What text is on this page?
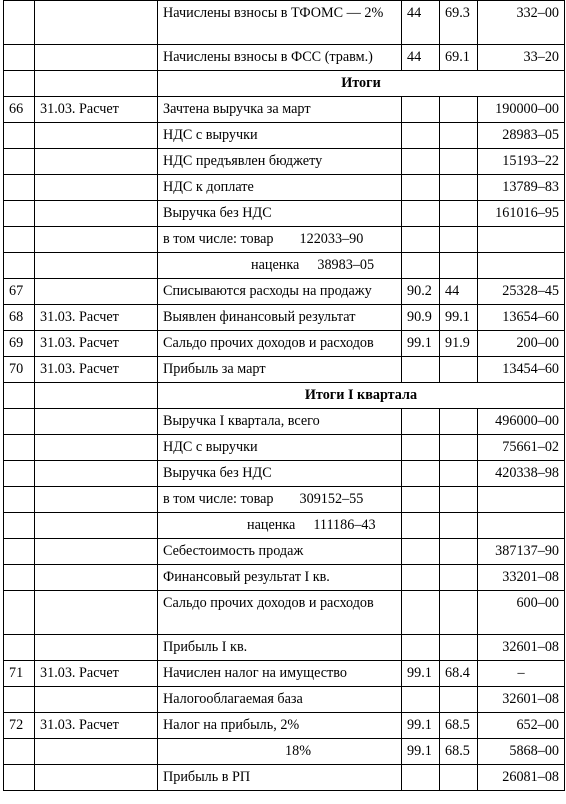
		Начислены взносы в ТФОМС — 2%	44	69.3	332–00
		Начислены взносы в ФСС (травм.)	44	69.1	33–20
		Итоги			
66	31.03. Расчет	Зачтена выручка за март			190000–00
		НДС с выручки			28983–05
		НДС предъявлен бюджету			15193–22
		НДС к доплате			13789–83
		Выручка без НДС			161016–95
		в том числе: товар 122033–90			
		наценка 38983–05			
67		Списываются расходы на продажу	90.2	44	25328–45
68	31.03. Расчет	Выявлен финансовый результат	90.9	99.1	13654–60
69	31.03. Расчет	Сальдо прочих доходов и расходов	99.1	91.9	200–00
70	31.03. Расчет	Прибыль за март			13454–60
		Итоги I квартала			
		Выручка I квартала, всего			496000–00
		НДС с выручки			75661–02
		Выручка без НДС			420338–98
		в том числе: товар 309152–55			
		наценка 111186–43			
		Себестоимость продаж			387137–90
		Финансовый результат I кв.			33201–08
		Сальдо прочих доходов и расходов			600–00
		Прибыль I кв.			32601–08
71	31.03. Расчет	Начислен налог на имущество	99.1	68.4	–
		Налогооблагаемая база			32601–08
72	31.03. Расчет	Налог на прибыль, 2%	99.1	68.5	652–00
		18%	99.1	68.5	5868–00
		Прибыль в РП			26081–08
